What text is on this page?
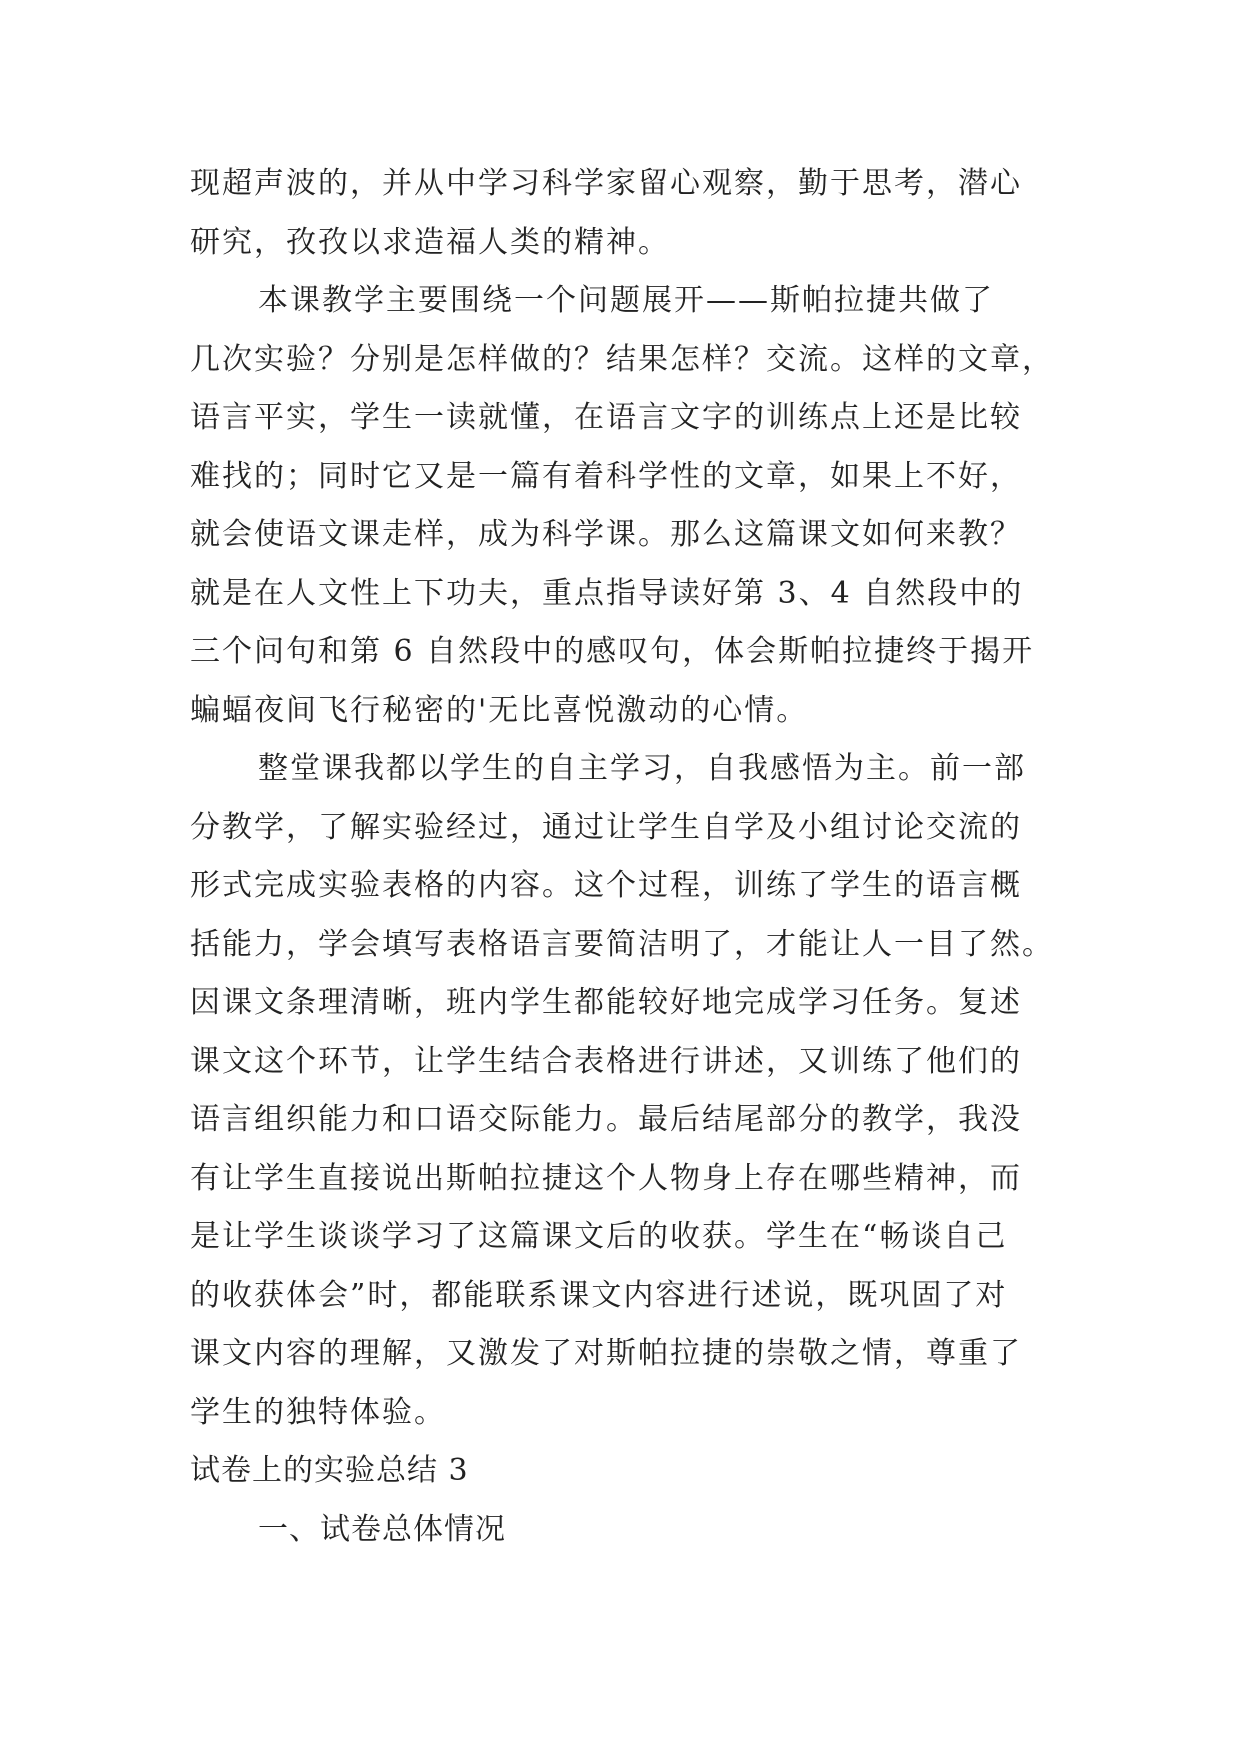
现超声波的，并从中学习科学家留心观察，勤于思考，潜心
研究，孜孜以求造福人类的精神。
本课教学主要围绕一个问题展开——斯帕拉捷共做了
几次实验？分别是怎样做的？结果怎样？交流。这样的文章，
语言平实，学生一读就懂，在语言文字的训练点上还是比较
难找的；同时它又是一篇有着科学性的文章，如果上不好，
就会使语文课走样，成为科学课。那么这篇课文如何来教？
就是在人文性上下功夫，重点指导读好第 3、4 自然段中的
三个问句和第 6 自然段中的感叹句，体会斯帕拉捷终于揭开
蝙蝠夜间飞行秘密的'无比喜悦激动的心情。
整堂课我都以学生的自主学习，自我感悟为主。前一部
分教学，了解实验经过，通过让学生自学及小组讨论交流的
形式完成实验表格的内容。这个过程，训练了学生的语言概
括能力，学会填写表格语言要简洁明了，才能让人一目了然。
因课文条理清晰，班内学生都能较好地完成学习任务。复述
课文这个环节，让学生结合表格进行讲述，又训练了他们的
语言组织能力和口语交际能力。最后结尾部分的教学，我没
有让学生直接说出斯帕拉捷这个人物身上存在哪些精神，而
是让学生谈谈学习了这篇课文后的收获。学生在“畅谈自己
的收获体会”时，都能联系课文内容进行述说，既巩固了对
课文内容的理解，又激发了对斯帕拉捷的崇敬之情，尊重了
学生的独特体验。
试卷上的实验总结 3
一、试卷总体情况
